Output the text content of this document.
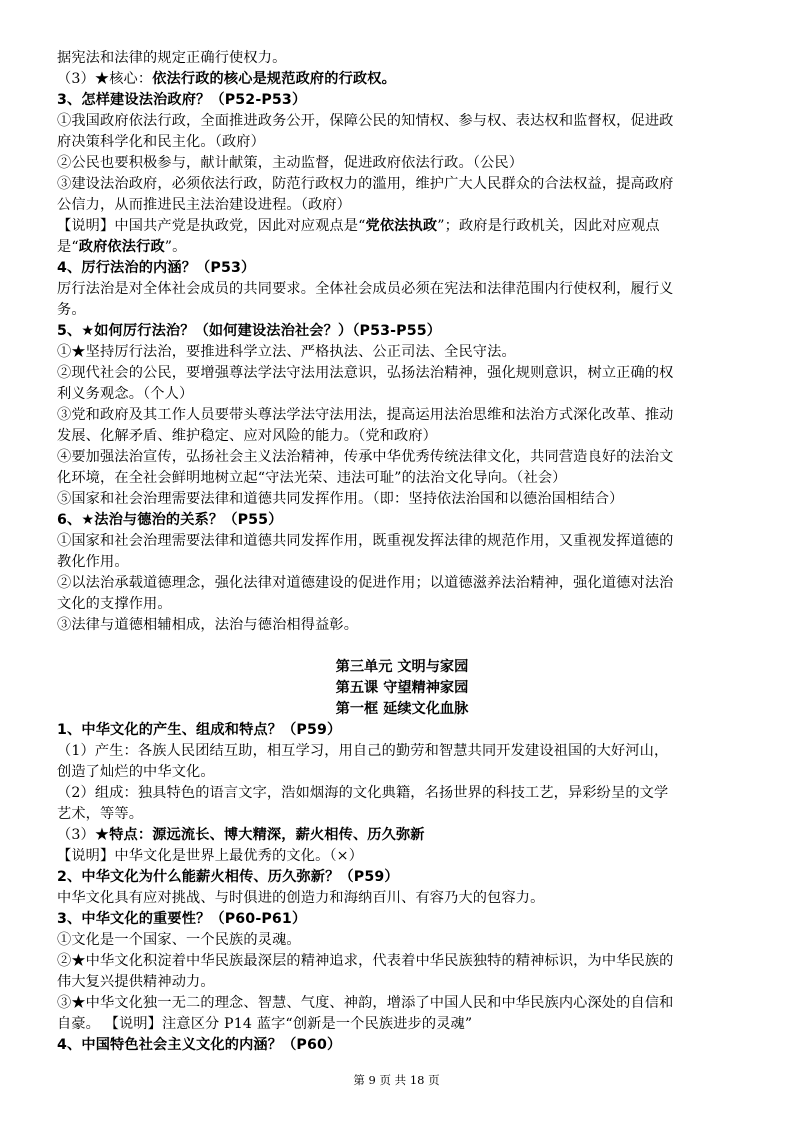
据宪法和法律的规定正确行使权力。

（3）★核心：依法行政的核心是规范政府的行政权。

3、怎样建设法治政府？（P52-P53）

①我国政府依法行政，全面推进政务公开，保障公民的知情权、参与权、表达权和监督权，促进政

府决策科学化和民主化。（政府）

②公民也要积极参与，献计献策，主动监督，促进政府依法行政。（公民）

③建设法治政府，必须依法行政，防范行政权力的滥用，维护广大人民群众的合法权益，提高政府

公信力，从而推进民主法治建设进程。（政府）

【说明】中国共产党是执政党，因此对应观点是“党依法执政”；政府是行政机关，因此对应观点

是“政府依法行政”。

4、厉行法治的内涵？（P53）

厉行法治是对全体社会成员的共同要求。全体社会成员必须在宪法和法律范围内行使权利，履行义

务。

5、★如何厉行法治？（如何建设法治社会？）（P53-P55）

①★坚持厉行法治，要推进科学立法、严格执法、公正司法、全民守法。

②现代社会的公民，要增强尊法学法守法用法意识，弘扬法治精神，强化规则意识，树立正确的权

利义务观念。（个人）

③党和政府及其工作人员要带头尊法学法守法用法，提高运用法治思维和法治方式深化改革、推动

发展、化解矛盾、维护稳定、应对风险的能力。（党和政府）

④要加强法治宣传，弘扬社会主义法治精神，传承中华优秀传统法律文化，共同营造良好的法治文

化环境，在全社会鲜明地树立起“守法光荣、违法可耻”的法治文化导向。（社会）

⑤国家和社会治理需要法律和道德共同发挥作用。（即：坚持依法治国和以德治国相结合）

6、★法治与德治的关系？（P55）

①国家和社会治理需要法律和道德共同发挥作用，既重视发挥法律的规范作用，又重视发挥道德的

教化作用。

②以法治承载道德理念，强化法律对道德建设的促进作用；以道德滋养法治精神，强化道德对法治

文化的支撑作用。

③法律与道德相辅相成，法治与德治相得益彰。

第三单元 文明与家园

第五课 守望精神家园

第一框 延续文化血脉

1、中华文化的产生、组成和特点？（P59）

（1）产生：各族人民团结互助，相互学习，用自己的勤劳和智慧共同开发建设祖国的大好河山，

创造了灿烂的中华文化。

（2）组成：独具特色的语言文字，浩如烟海的文化典籍，名扬世界的科技工艺，异彩纷呈的文学

艺术，等等。

（3）★特点：源远流长、博大精深，薪火相传、历久弥新

【说明】中华文化是世界上最优秀的文化。（×）

2、中华文化为什么能薪火相传、历久弥新？（P59）

中华文化具有应对挑战、与时俱进的创造力和海纳百川、有容乃大的包容力。

3、中华文化的重要性？（P60-P61）

①文化是一个国家、一个民族的灵魂。

②★中华文化积淀着中华民族最深层的精神追求，代表着中华民族独特的精神标识，为中华民族的

伟大复兴提供精神动力。

③★中华文化独一无二的理念、智慧、气度、神韵，增添了中国人民和中华民族内心深处的自信和

自豪。 【说明】注意区分 P14 蓝字“创新是一个民族进步的灵魂”

4、中国特色社会主义文化的内涵？（P60）

第 9 页 共 18 页
